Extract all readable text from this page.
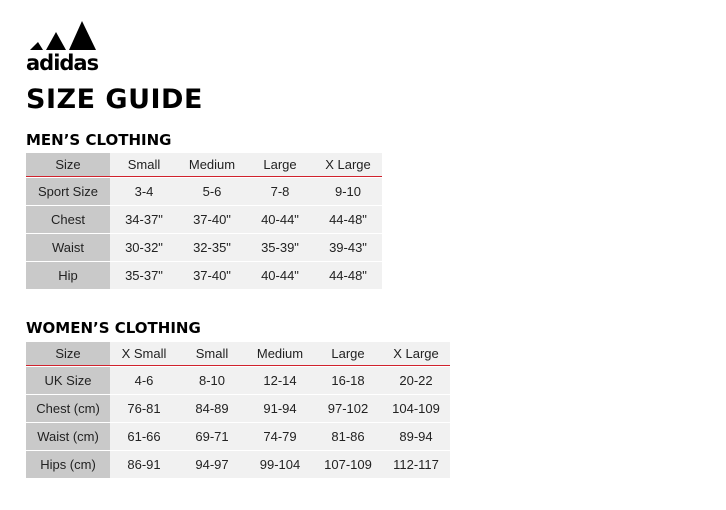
adidas
SIZE GUIDE
MEN’S CLOTHING
Size	Small	Medium	Large	X Large
Sport Size	3-4	5-6	7-8	9-10
Chest	34-37"	37-40"	40-44"	44-48"
Waist	30-32"	32-35"	35-39"	39-43"
Hip	35-37"	37-40"	40-44"	44-48"
WOMEN’S CLOTHING
Size	X Small	Small	Medium	Large	X Large
UK Size	4-6	8-10	12-14	16-18	20-22
Chest (cm)	76-81	84-89	91-94	97-102	104-109
Waist (cm)	61-66	69-71	74-79	81-86	89-94
Hips (cm)	86-91	94-97	99-104	107-109	112-117
